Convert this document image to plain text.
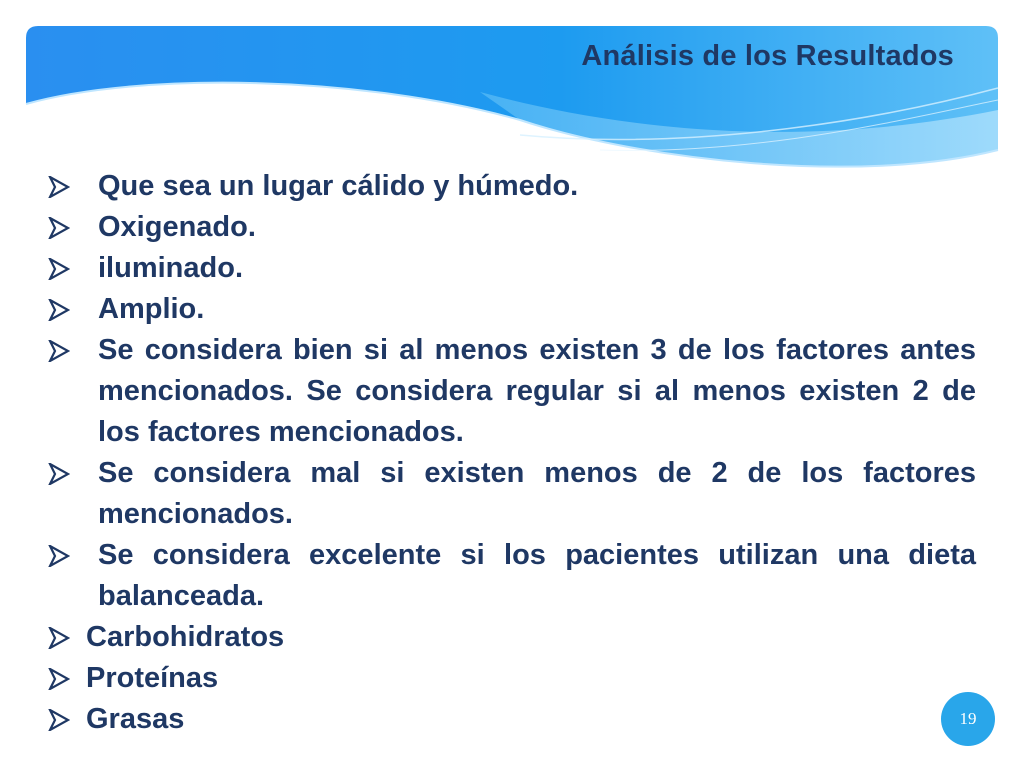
Análisis de los Resultados
Que sea un lugar cálido y húmedo.
Oxigenado.
iluminado.
Amplio.
Se considera bien si al menos existen 3 de los factores antes mencionados. Se considera regular si al menos existen 2 de los factores mencionados.
Se considera mal si existen menos de 2 de los factores mencionados.
Se considera excelente si los pacientes utilizan una dieta balanceada.
Carbohidratos
Proteínas
Grasas	19
